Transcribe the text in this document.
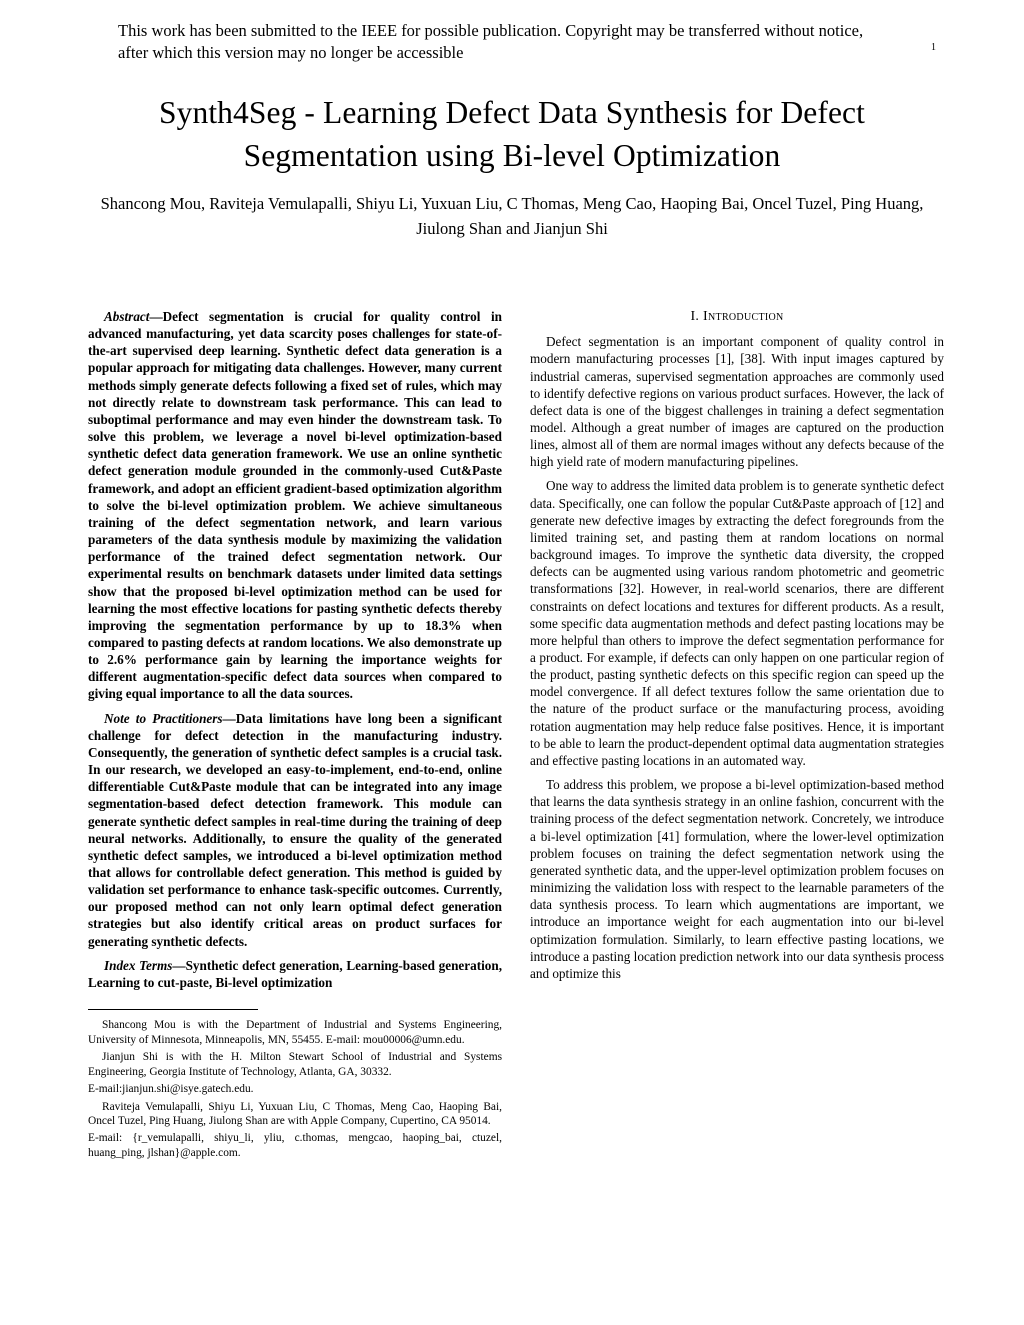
This work has been submitted to the IEEE for possible publication. Copyright may be transferred without notice, after which this version may no longer be accessible	1
Synth4Seg - Learning Defect Data Synthesis for Defect Segmentation using Bi-level Optimization
Shancong Mou, Raviteja Vemulapalli, Shiyu Li, Yuxuan Liu, C Thomas, Meng Cao, Haoping Bai, Oncel Tuzel, Ping Huang, Jiulong Shan and Jianjun Shi

Abstract—Defect segmentation is crucial for quality control in advanced manufacturing, yet data scarcity poses challenges for state-of-the-art supervised deep learning. Synthetic defect data generation is a popular approach for mitigating data challenges. However, many current methods simply generate defects following a fixed set of rules, which may not directly relate to downstream task performance. This can lead to suboptimal performance and may even hinder the downstream task. To solve this problem, we leverage a novel bi-level optimization-based synthetic defect data generation framework. We use an online synthetic defect generation module grounded in the commonly-used Cut&Paste framework, and adopt an efficient gradient-based optimization algorithm to solve the bi-level optimization problem. We achieve simultaneous training of the defect segmentation network, and learn various parameters of the data synthesis module by maximizing the validation performance of the trained defect segmentation network. Our experimental results on benchmark datasets under limited data settings show that the proposed bi-level optimization method can be used for learning the most effective locations for pasting synthetic defects thereby improving the segmentation performance by up to 18.3% when compared to pasting defects at random locations. We also demonstrate up to 2.6% performance gain by learning the importance weights for different augmentation-specific defect data sources when compared to giving equal importance to all the data sources.

Note to Practitioners—Data limitations have long been a significant challenge for defect detection in the manufacturing industry. Consequently, the generation of synthetic defect samples is a crucial task. In our research, we developed an easy-to-implement, end-to-end, online differentiable Cut&Paste module that can be integrated into any image segmentation-based defect detection framework. This module can generate synthetic defect samples in real-time during the training of deep neural networks. Additionally, to ensure the quality of the generated synthetic defect samples, we introduced a bi-level optimization method that allows for controllable defect generation. This method is guided by validation set performance to enhance task-specific outcomes. Currently, our proposed method can not only learn optimal defect generation strategies but also identify critical areas on product surfaces for generating synthetic defects.

Index Terms—Synthetic defect generation, Learning-based generation, Learning to cut-paste, Bi-level optimization

Shancong Mou is with the Department of Industrial and Systems Engineering, University of Minnesota, Minneapolis, MN, 55455. E-mail: mou00006@umn.edu.

Jianjun Shi is with the H. Milton Stewart School of Industrial and Systems Engineering, Georgia Institute of Technology, Atlanta, GA, 30332.

E-mail:jianjun.shi@isye.gatech.edu.

Raviteja Vemulapalli, Shiyu Li, Yuxuan Liu, C Thomas, Meng Cao, Haoping Bai, Oncel Tuzel, Ping Huang, Jiulong Shan are with Apple Company, Cupertino, CA 95014.

E-mail: {r_vemulapalli, shiyu_li, yliu, c.thomas, mengcao, haoping_bai, ctuzel, huang_ping, jlshan}@apple.com.

I. Introduction

Defect segmentation is an important component of quality control in modern manufacturing processes [1], [38]. With input images captured by industrial cameras, supervised segmentation approaches are commonly used to identify defective regions on various product surfaces. However, the lack of defect data is one of the biggest challenges in training a defect segmentation model. Although a great number of images are captured on the production lines, almost all of them are normal images without any defects because of the high yield rate of modern manufacturing pipelines.

One way to address the limited data problem is to generate synthetic defect data. Specifically, one can follow the popular Cut&Paste approach of [12] and generate new defective images by extracting the defect foregrounds from the limited training set, and pasting them at random locations on normal background images. To improve the synthetic data diversity, the cropped defects can be augmented using various random photometric and geometric transformations [32]. However, in real-world scenarios, there are different constraints on defect locations and textures for different products. As a result, some specific data augmentation methods and defect pasting locations may be more helpful than others to improve the defect segmentation performance for a product. For example, if defects can only happen on one particular region of the product, pasting synthetic defects on this specific region can speed up the model convergence. If all defect textures follow the same orientation due to the nature of the product surface or the manufacturing process, avoiding rotation augmentation may help reduce false positives. Hence, it is important to be able to learn the product-dependent optimal data augmentation strategies and effective pasting locations in an automated way.

To address this problem, we propose a bi-level optimization-based method that learns the data synthesis strategy in an online fashion, concurrent with the training process of the defect segmentation network. Concretely, we introduce a bi-level optimization [41] formulation, where the lower-level optimization problem focuses on training the defect segmentation network using the generated synthetic data, and the upper-level optimization problem focuses on minimizing the validation loss with respect to the learnable parameters of the data synthesis process. To learn which augmentations are important, we introduce an importance weight for each augmentation into our bi-level optimization formulation. Similarly, to learn effective pasting locations, we introduce a pasting location prediction network into our data synthesis process and optimize this
